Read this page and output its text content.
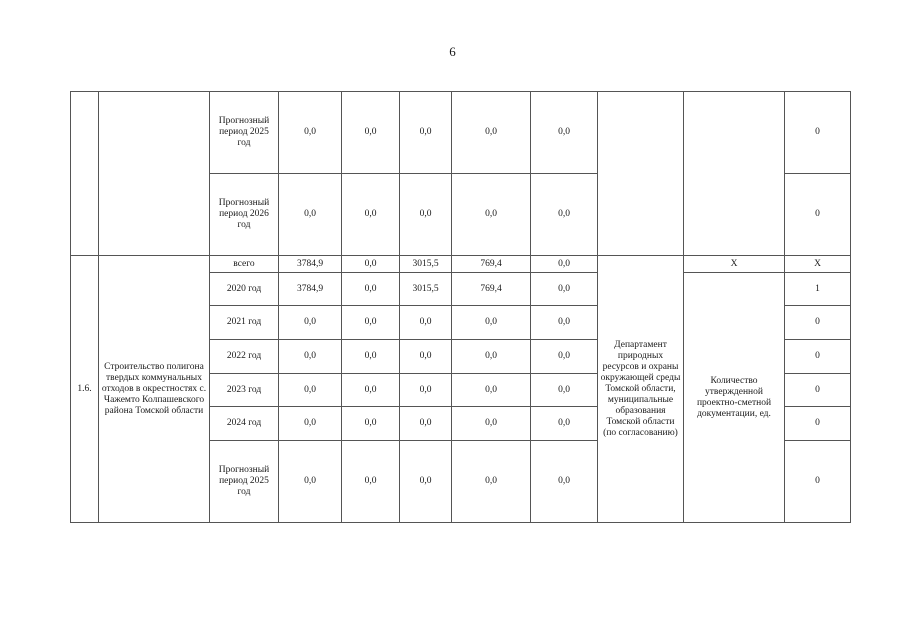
6
		Прогнозный период 2025 год	0,0	0,0	0,0	0,0	0,0			0
		Прогнозный период 2026 год	0,0	0,0	0,0	0,0	0,0			0
1.6.	Строительство полигона твердых коммунальных отходов в окрестностях с. Чажемто Колпашевского района Томской области	всего	3784,9	0,0	3015,5	769,4	0,0	Департамент природных ресурсов и охраны окружающей среды Томской области, муниципальные образования Томской области (по согласованию)	X	X
		2020 год	3784,9	0,0	3015,5	769,4	0,0		Количество утвержденной проектно-сметной документации, ед.	1
		2021 год	0,0	0,0	0,0	0,0	0,0			0
		2022 год	0,0	0,0	0,0	0,0	0,0			0
		2023 год	0,0	0,0	0,0	0,0	0,0			0
		2024 год	0,0	0,0	0,0	0,0	0,0			0
		Прогнозный период 2025 год	0,0	0,0	0,0	0,0	0,0			0
